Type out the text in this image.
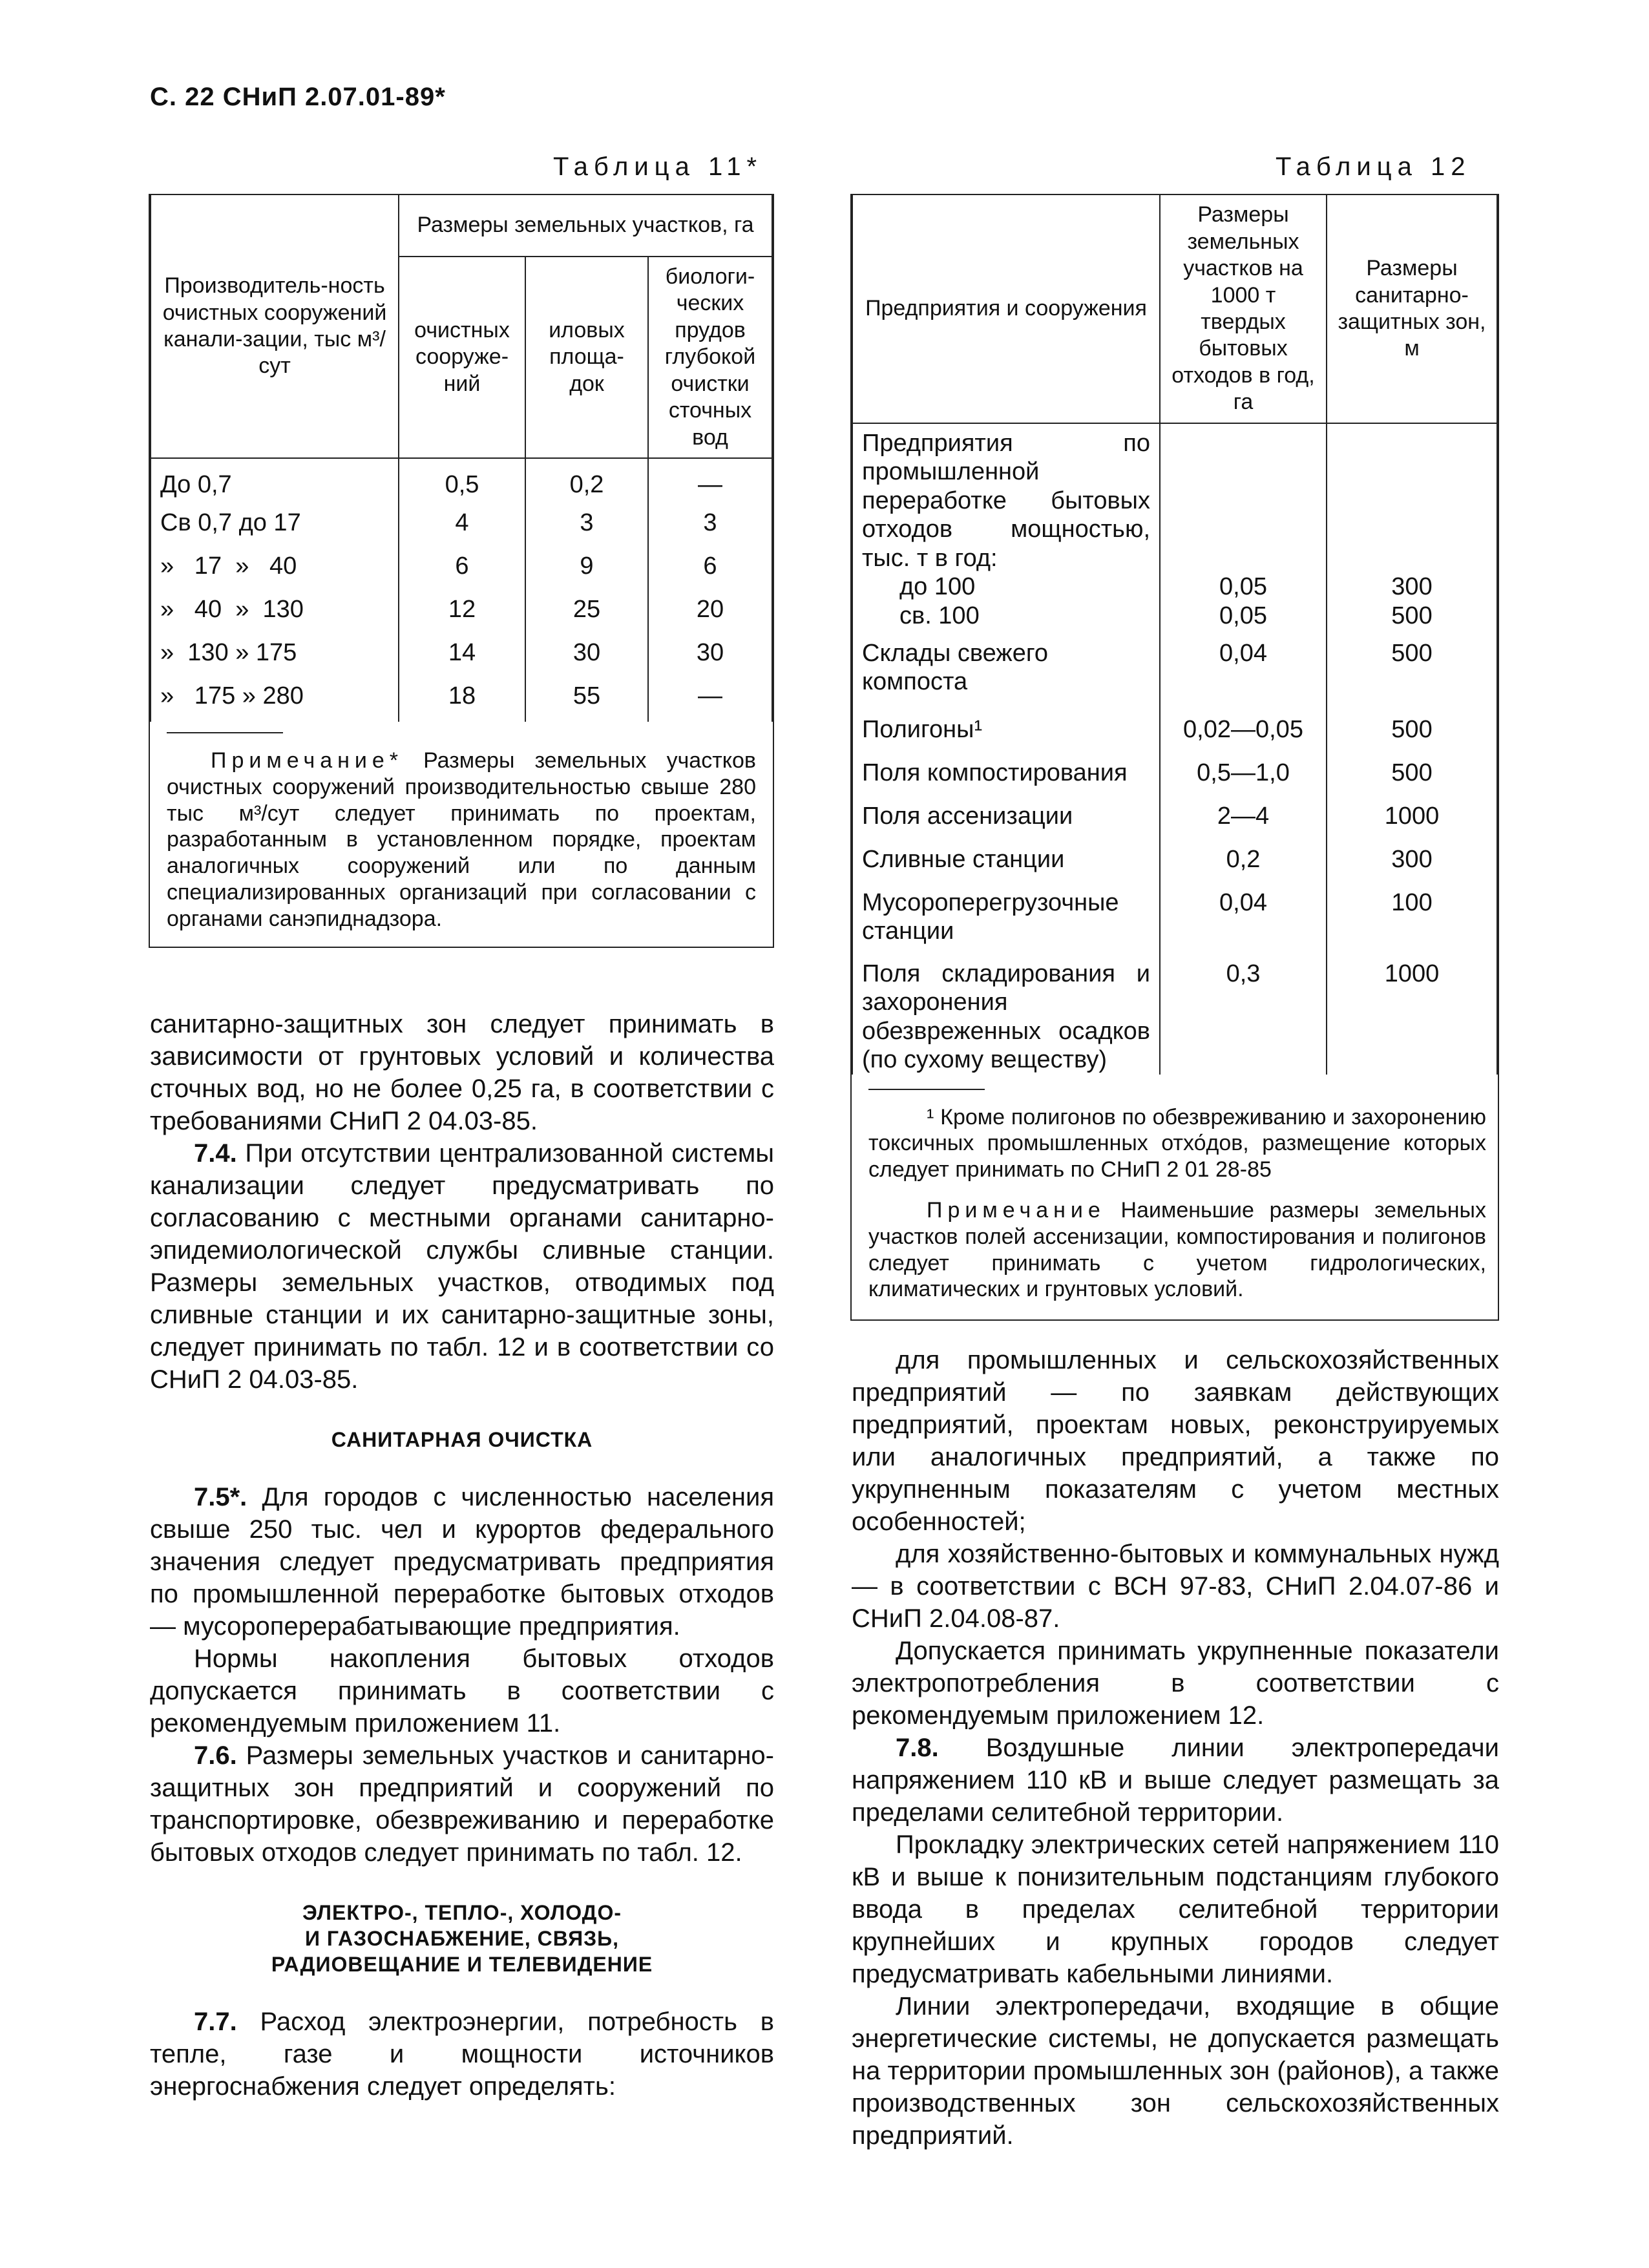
С. 22 СНиП 2.07.01-89*
Таблица 11*
Производитель-ность очистных сооружений канали-зации, тыс м³/сут	Размеры земельных участков, га		
	очистных сооруже-ний	иловых площа-док	биологи-ческих прудов глубокой очистки сточных вод
До 0,7	0,5	0,2	—
Св 0,7 до 17	4	3	3
»   17  »   40	6	9	6
»   40  »  130	12	25	20
»  130 » 175	14	30	30
»   175 » 280	18	55	—
Примечание* Размеры земельных участков очистных сооружений производительностью свыше 280 тыс м³/сут следует принимать по проектам, разработанным в установленном порядке, проектам аналогичных сооружений или по данным специализированных организаций при согласовании с органами санэпиднадзора.
Таблица 12
Предприятия и сооружения	Размеры земельных участков на 1000 т твердых бытовых отходов в год, га	Размеры санитарно-защитных зон, м
Предприятия по промышленной переработке бытовых отходов мощностью, тыс. т в год:		
до 100	0,05	300
св. 100	0,05	500
Склады свежего компоста	0,04	500
Полигоны¹	0,02—0,05	500
Поля компостирования	0,5—1,0	500
Поля ассенизации	2—4	1000
Сливные станции	0,2	300
Мусороперегрузочные станции	0,04	100
Поля складирования и захоронения обезвреженных осадков (по сухому веществу)	0,3	1000
¹ Кроме полигонов по обезвреживанию и захоронению токсичных промышленных отхо́дов, размещение которых следует принимать по СНиП 2 01 28-85
Примечание Наименьшие размеры земельных участков полей ассенизации, компостирования и полигонов следует принимать с учетом гидрологических, климатических и грунтовых условий.

санитарно-защитных зон следует принимать в зависимости от грунтовых условий и количества сточных вод, но не более 0,25 га, в соответствии с требованиями СНиП 2 04.03-85.

7.4. При отсутствии централизованной системы канализации следует предусматривать по согласованию с местными органами санитарно-эпидемиологической службы сливные станции. Размеры земельных участков, отводимых под сливные станции и их санитарно-защитные зоны, следует принимать по табл. 12 и в соответствии со СНиП 2 04.03-85.

САНИТАРНАЯ ОЧИСТКА

7.5*. Для городов с численностью населения свыше 250 тыс. чел и курортов федерального значения следует предусматривать предприятия по промышленной переработке бытовых отходов — мусороперерабатывающие предприятия.

Нормы накопления бытовых отходов допускается принимать в соответствии с рекомендуемым приложением 11.

7.6. Размеры земельных участков и санитарно-защитных зон предприятий и сооружений по транспортировке, обезвреживанию и переработке бытовых отходов следует принимать по табл. 12.

ЭЛЕКТРО-, ТЕПЛО-, ХОЛОДО-
И ГАЗОСНАБЖЕНИЕ, СВЯЗЬ,
РАДИОВЕЩАНИЕ И ТЕЛЕВИДЕНИЕ

7.7. Расход электроэнергии, потребность в тепле, газе и мощности источников энергоснабжения следует определять:

для промышленных и сельскохозяйственных предприятий — по заявкам действующих предприятий, проектам новых, реконструируемых или аналогичных предприятий, а также по укрупненным показателям с учетом местных особенностей;

для хозяйственно-бытовых и коммунальных нужд — в соответствии с ВСН 97-83, СНиП 2.04.07-86 и СНиП 2.04.08-87.

Допускается принимать укрупненные показатели электропотребления в соответствии с рекомендуемым приложением 12.

7.8. Воздушные линии электропередачи напряжением 110 кВ и выше следует размещать за пределами селитебной территории.

Прокладку электрических сетей напряжением 110 кВ и выше к понизительным подстанциям глубокого ввода в пределах селитебной территории крупнейших и крупных городов следует предусматривать кабельными линиями.

Линии электропередачи, входящие в общие энергетические системы, не допускается размещать на территории промышленных зон (районов), а также производственных зон сельскохозяйственных предприятий.
